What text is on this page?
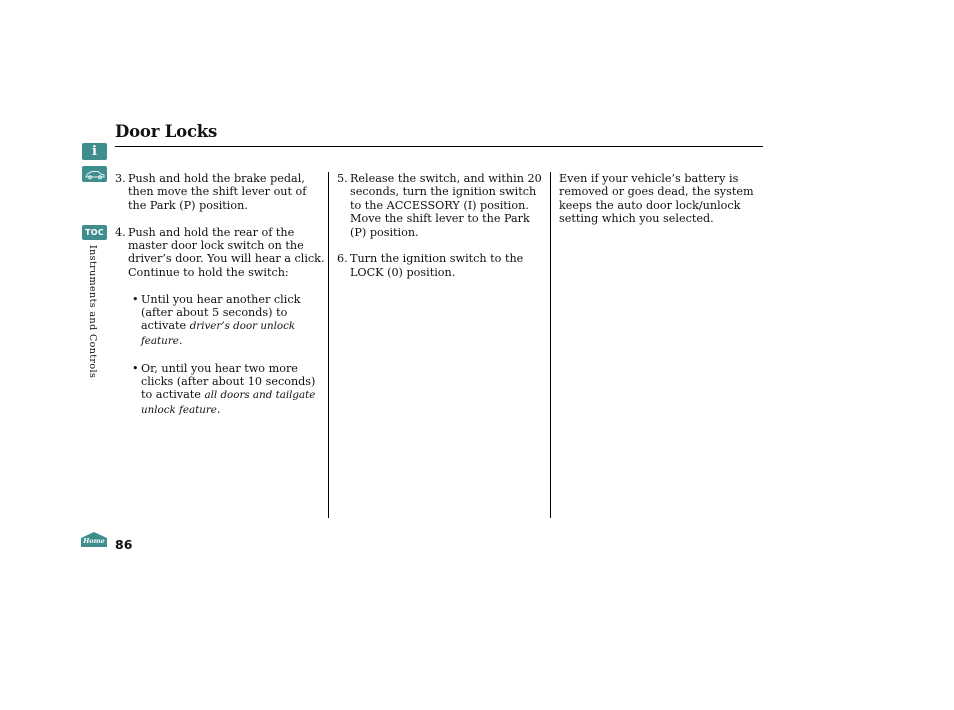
Door Locks
i
TOC
Instruments and Controls
Home 86
3. Push and hold the brake pedal,

then move the shift lever out of

the Park (P) position.

4. Push and hold the rear of the

master door lock switch on the

driver’s door. You will hear a click.

Continue to hold the switch:

• Until you hear another click

(after about 5 seconds) to

activate driver’s door unlock

feature.

• Or, until you hear two more

clicks (after about 10 seconds)

to activate all doors and tailgate

unlock feature.

5. Release the switch, and within 20

seconds, turn the ignition switch

to the ACCESSORY (I) position.

Move the shift lever to the Park

(P) position.

6. Turn the ignition switch to the

LOCK (0) position.

Even if your vehicle’s battery is

removed or goes dead, the system

keeps the auto door lock/unlock

setting which you selected.
